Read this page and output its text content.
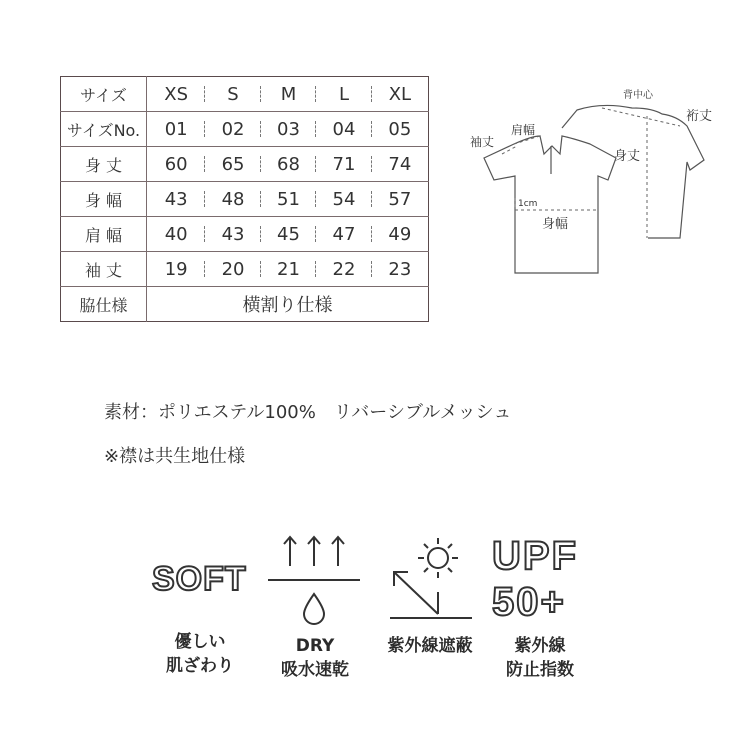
サイズ	XS	S	M	L	XL
サイズNo.	01	02	03	04	05
身 丈	60	65	68	71	74
身 幅	43	48	51	54	57
肩 幅	40	43	45	47	49
袖 丈	19	20	21	22	23
脇仕様	横割り仕様				
背中心
裄丈
身丈
肩幅
袖丈
1cm
身幅
素材：ポリエステル100%　リバーシブルメッシュ
※襟は共生地仕様
SOFT
優しい
肌ざわり
DRY
吸水速乾
紫外線遮蔽
UPF
50+
紫外線
防止指数
